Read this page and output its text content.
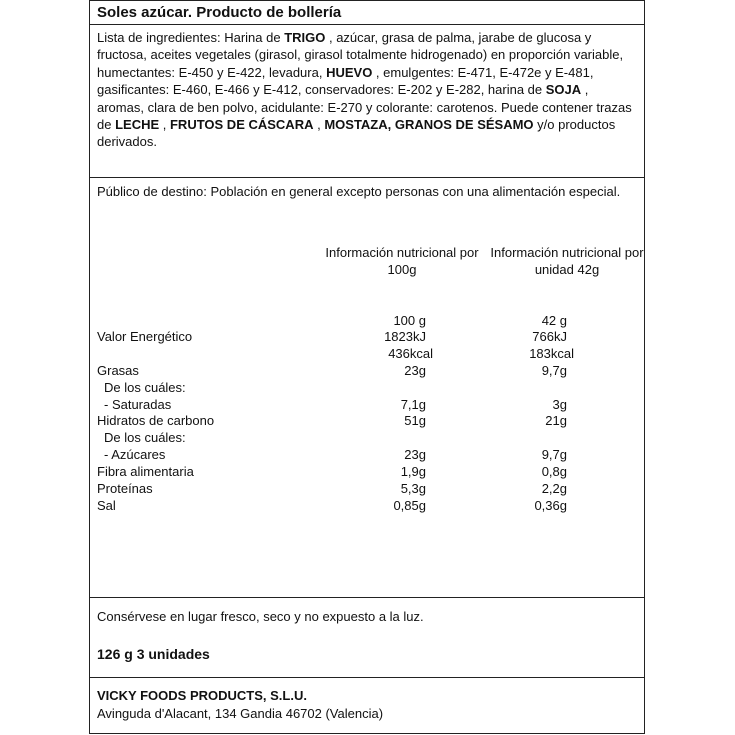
Soles azúcar. Producto de bollería
Lista de ingredientes: Harina de TRIGO , azúcar, grasa de palma, jarabe de glucosa y fructosa, aceites vegetales (girasol, girasol totalmente hidrogenado) en proporción variable, humectantes: E-450 y E-422, levadura, HUEVO , emulgentes: E-471, E-472e y E-481, gasificantes: E-460, E-466 y E-412, conservadores: E-202 y E-282, harina de SOJA , aromas, clara de ben polvo, acidulante: E-270 y colorante: carotenos. Puede contener trazas de LECHE , FRUTOS DE CÁSCARA , MOSTAZA, GRANOS DE SÉSAMO y/o productos derivados.
Público de destino: Población en general excepto personas con una alimentación especial.
Información nutricional por 100g
Información nutricional por unidad 42g
100 g	42 g
Valor Energético	1823kJ	766kJ
436kcal	183kcal
Grasas	23g	9,7g
De los cuáles:
- Saturadas	7,1g	3g
Hidratos de carbono	51g	21g
De los cuáles:
- Azúcares	23g	9,7g
Fibra alimentaria	1,9g	0,8g
Proteínas	5,3g	2,2g
Sal	0,85g	0,36g
Consérvese en lugar fresco, seco y no expuesto a la luz.
126 g 3 unidades
VICKY FOODS PRODUCTS, S.L.U.
Avinguda d'Alacant, 134 Gandia 46702 (Valencia)
